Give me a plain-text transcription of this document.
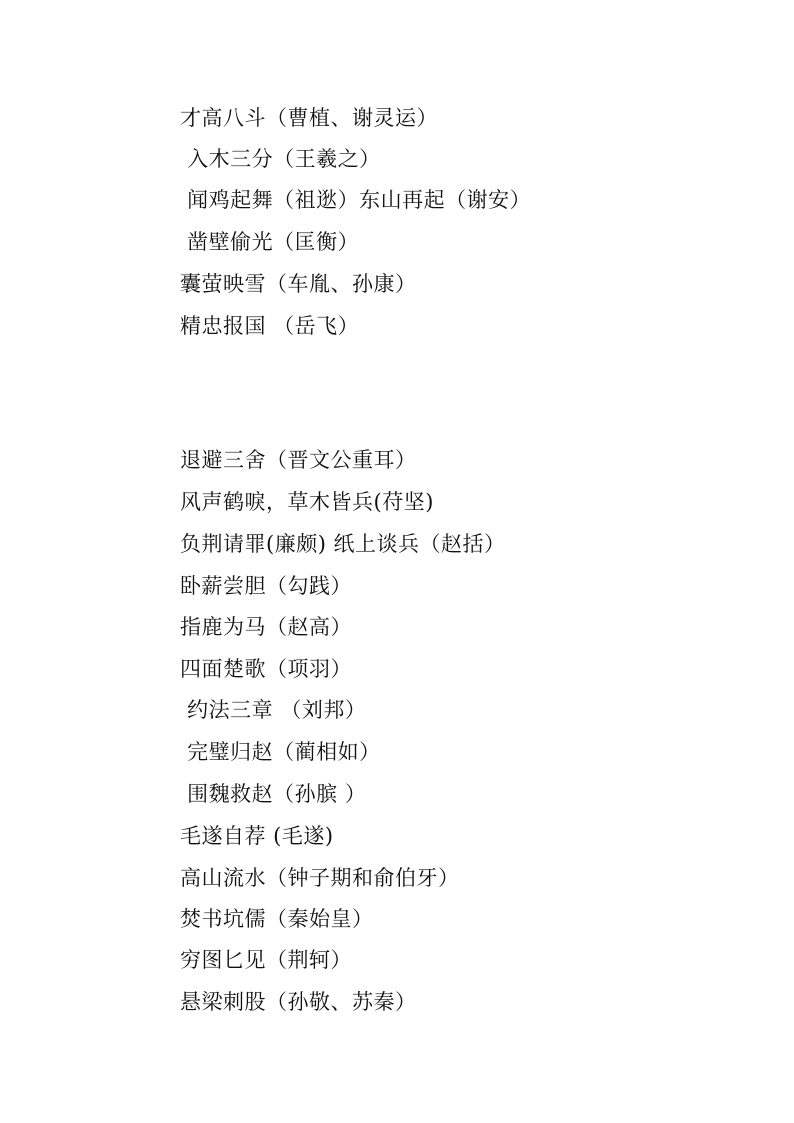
才高八斗（曹植、谢灵运）
入木三分（王羲之）
闻鸡起舞（祖逖）东山再起（谢安）
凿壁偷光（匡衡）
囊萤映雪（车胤、孙康）
精忠报国 （岳飞）
退避三舍（晋文公重耳）
风声鹤唳，草木皆兵(苻坚)
负荆请罪(廉颇) 纸上谈兵（赵括）
卧薪尝胆（勾践）
指鹿为马（赵高）
四面楚歌（项羽）
约法三章 （刘邦）
完璧归赵（蔺相如）
围魏救赵（孙膑 ）
毛遂自荐 (毛遂)
高山流水（钟子期和俞伯牙）
焚书坑儒（秦始皇）
穷图匕见（荆轲）
悬梁刺股（孙敬、苏秦）
